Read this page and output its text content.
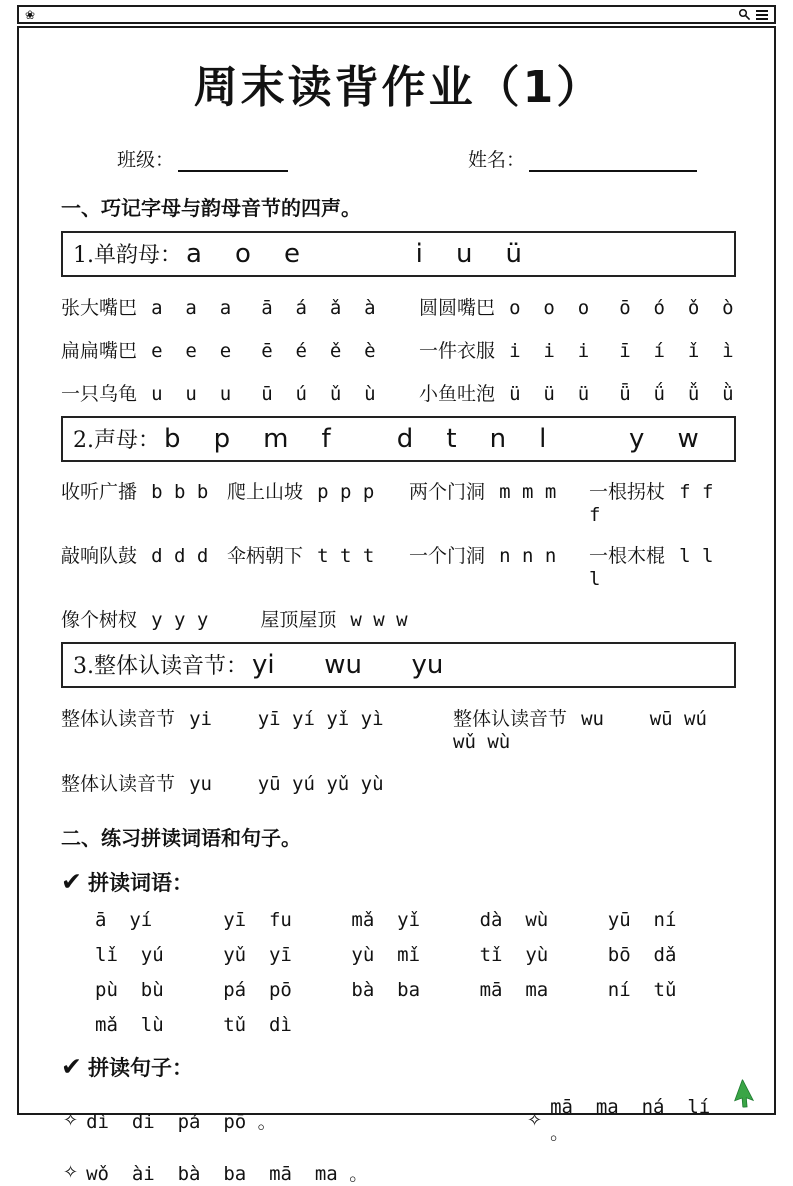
❀
周末读背作业（1）
班级：	姓名：
一、巧记字母与韵母音节的四声。
1.单韵母： a    o    e              i    u    ü
张大嘴巴 a  a  a ā  á  ǎ  à	圆圆嘴巴 o  o  o ō  ó  ǒ  ò
扁扁嘴巴 e  e  e ē  é  ě  è	一件衣服 i  i  i ī  í  ǐ  ì
一只乌龟 u  u  u ū  ú  ǔ  ù	小鱼吐泡 ü  ü  ü ǖ  ǘ  ǚ  ǜ
2.声母： b    p    m    f        d    t    n    l          y    w
收听广播 b b b 爬上山坡 p p p	两个门洞 m m m	一根拐杖 f f f
敲响队鼓 d d d 伞柄朝下 t t t	一个门洞 n n n	一根木棍 l l l
像个树杈 y y y	屋顶屋顶 w w w
3.整体认读音节： yi      wu      yu
整体认读音节 yi    yī yí yǐ yì	整体认读音节 wu    wū wú wǔ wù
整体认读音节 yu    yū yú yǔ yù
二、练习拼读词语和句子。
✔ 拼读词语：
ā  yí	yī  fu	mǎ  yǐ	dà  wù	yū  ní
lǐ  yú	yǔ  yī	yù  mǐ	tǐ  yù	bō  dǎ
pù  bù	pá  pō	bà  ba	mā  ma	ní  tǔ
mǎ  lù	tǔ  dì
✔ 拼读句子：
✧ dì  di  pá  pō 。	✧
mā  ma  ná  lí 。
✧ wǒ  ài  bà  ba  mā  ma 。
